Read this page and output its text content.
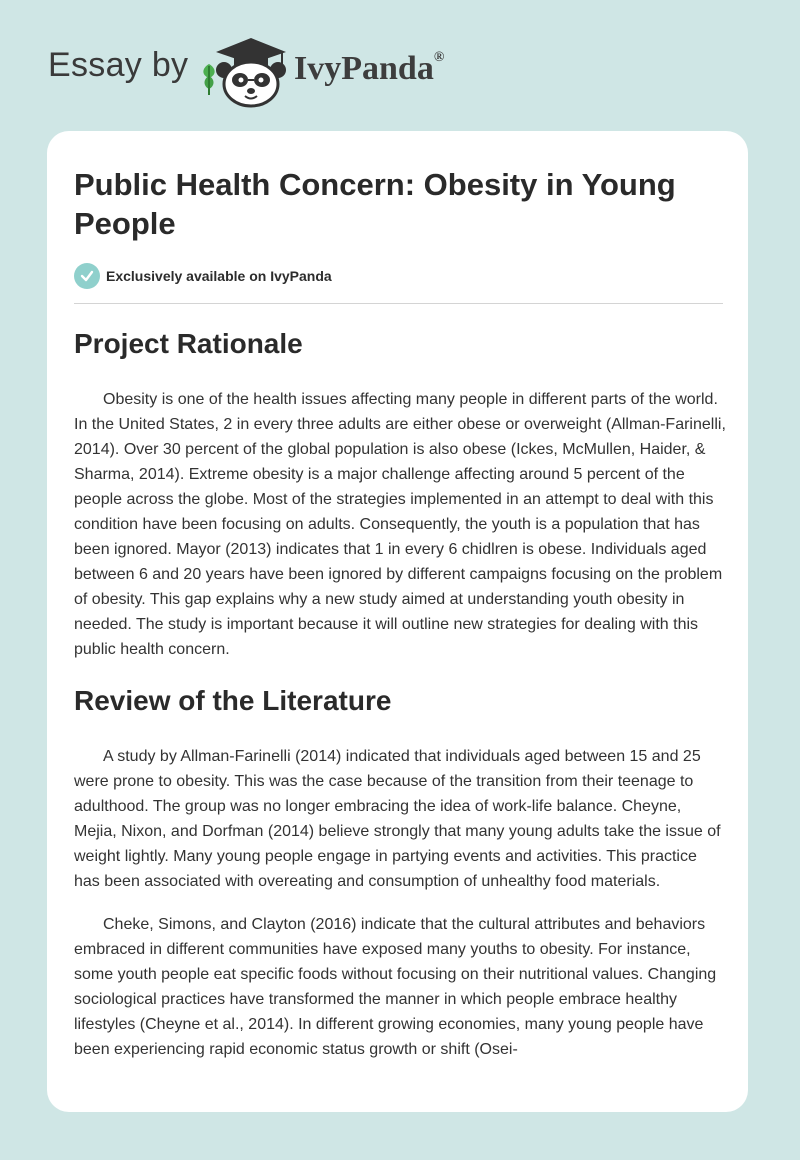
Essay by	IvyPanda®
Public Health Concern: Obesity in Young People
Exclusively available on IvyPanda
Project Rationale

Obesity is one of the health issues affecting many people in different parts of the world. In the United States, 2 in every three adults are either obese or overweight (Allman-Farinelli, 2014). Over 30 percent of the global population is also obese (Ickes, McMullen, Haider, & Sharma, 2014). Extreme obesity is a major challenge affecting around 5 percent of the people across the globe. Most of the strategies implemented in an attempt to deal with this condition have been focusing on adults. Consequently, the youth is a population that has been ignored. Mayor (2013) indicates that 1 in every 6 chidlren is obese. Individuals aged between 6 and 20 years have been ignored by different campaigns focusing on the problem of obesity. This gap explains why a new study aimed at understanding youth obesity in needed. The study is important because it will outline new strategies for dealing with this public health concern.

Review of the Literature

A study by Allman-Farinelli (2014) indicated that individuals aged between 15 and 25 were prone to obesity. This was the case because of the transition from their teenage to adulthood. The group was no longer embracing the idea of work-life balance. Cheyne, Mejia, Nixon, and Dorfman (2014) believe strongly that many young adults take the issue of weight lightly. Many young people engage in partying events and activities. This practice has been associated with overeating and consumption of unhealthy food materials.

Cheke, Simons, and Clayton (2016) indicate that the cultural attributes and behaviors embraced in different communities have exposed many youths to obesity. For instance, some youth people eat specific foods without focusing on their nutritional values. Changing sociological practices have transformed the manner in which people embrace healthy lifestyles (Cheyne et al., 2014). In different growing economies, many young people have been experiencing rapid economic status growth or shift (Osei-
